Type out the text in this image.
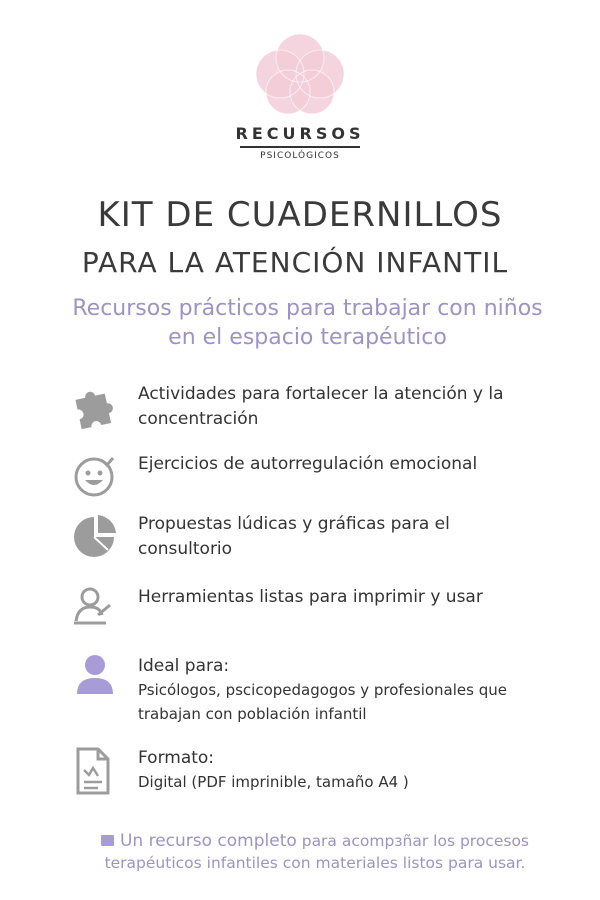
RECURSOS
PSICOLÓGICOS
KIT DE CUADERNILLOS
PARA LA ATENCIÓN INFANTIL
Recursos prácticos para trabajar con niños
en el espacio terapéutico
Actividades para fortalecer la atención y la concentración
Ejercicios de autorregulación emocional
Propuestas lúdicas y gráficas para el consultorio
Herramientas listas para imprimir y usar
Ideal para:
Psicólogos, pscicopedagogos y profesionales que trabajan con población infantil
Formato:
Digital (PDF imprinible, tamaño A4 )
Un recurso completo para acompзñar los procesos
terapéuticos infantiles con materiales listos para usar.
